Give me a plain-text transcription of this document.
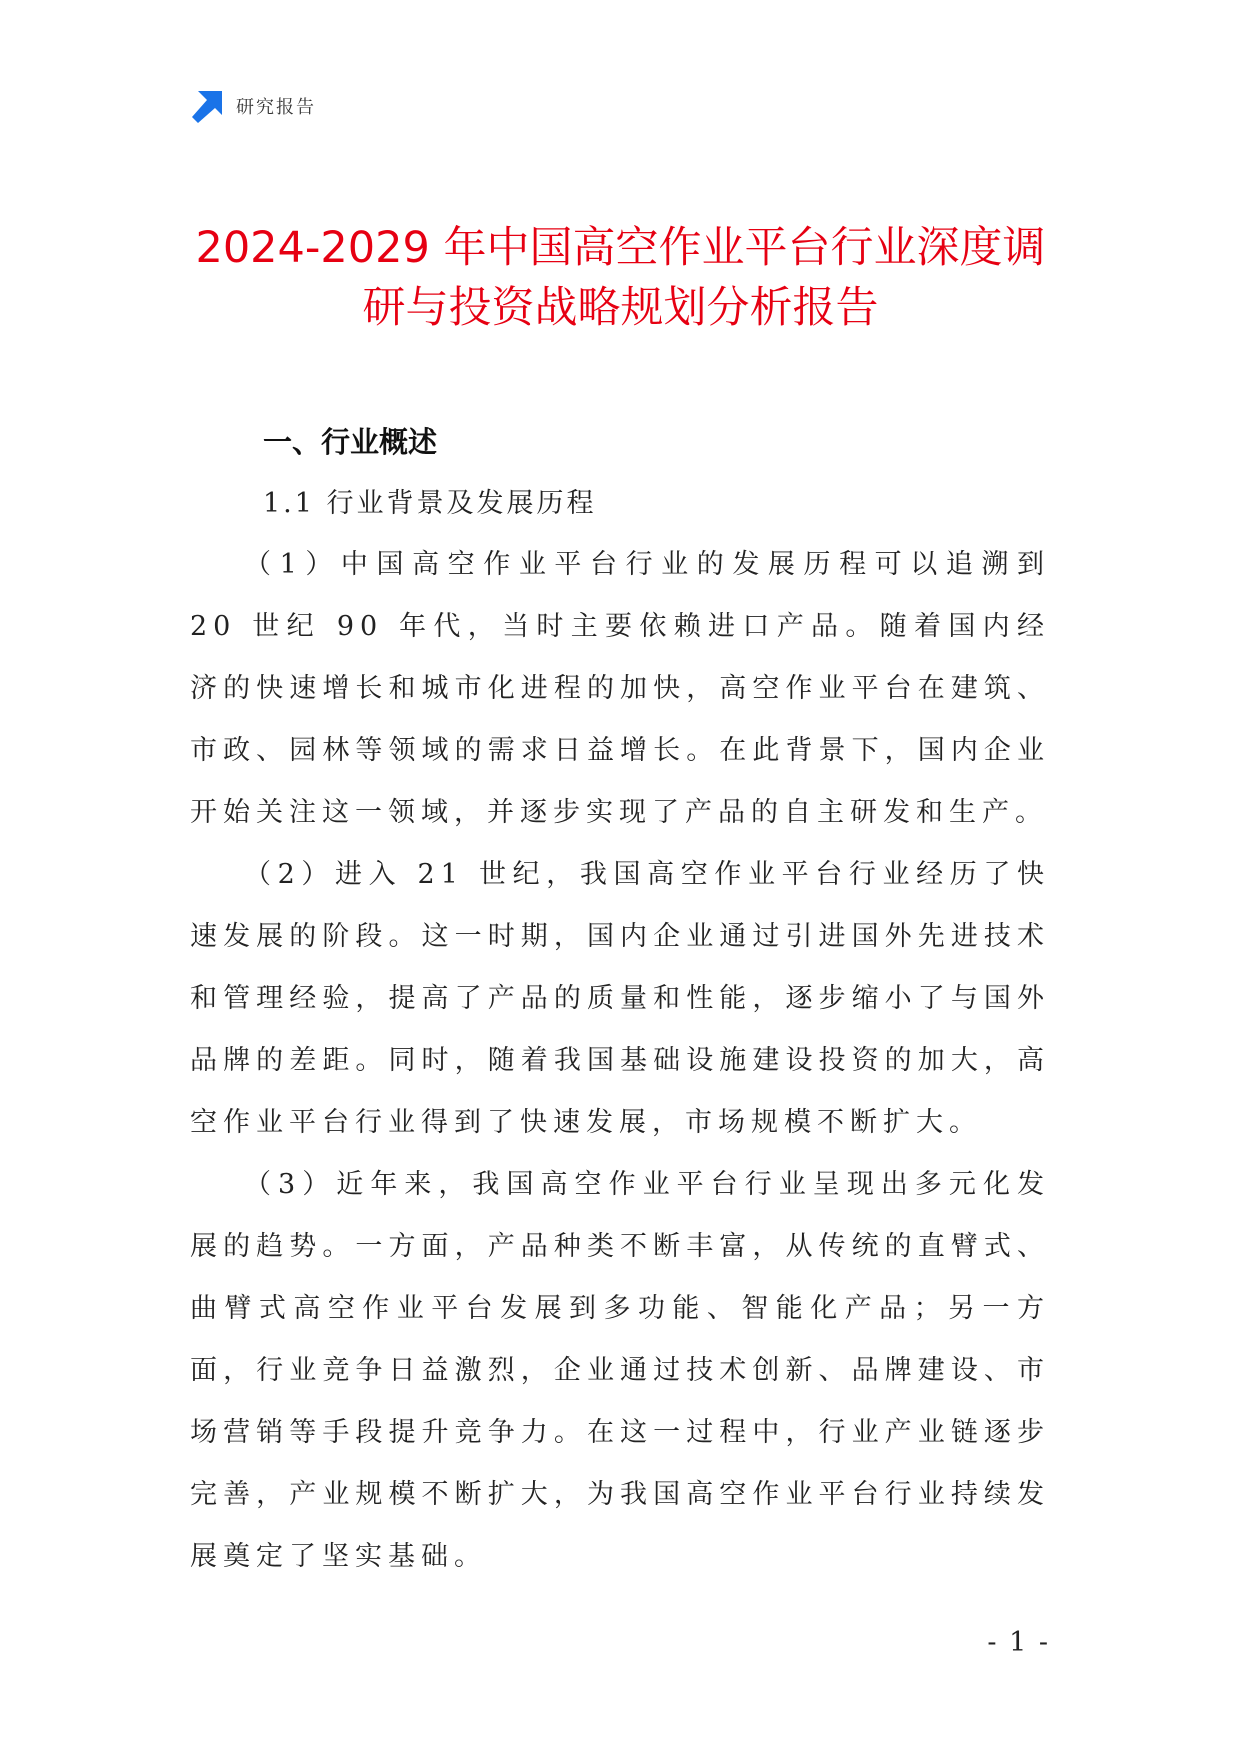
研究报告
2024-2029 年中国高空作业平台行业深度调
研与投资战略规划分析报告
一、行业概述
1.1 行业背景及发展历程

（1）中国高空作业平台行业的发展历程可以追溯到 20 世纪 90 年代，当时主要依赖进口产品。随着国内经济的快速增长和城市化进程的加快，高空作业平台在建筑、市政、园林等领域的需求日益增长。在此背景下，国内企业开始关注这一领域，并逐步实现了产品的自主研发和生产。

（2）进入 21 世纪，我国高空作业平台行业经历了快速发展的阶段。这一时期，国内企业通过引进国外先进技术和管理经验，提高了产品的质量和性能，逐步缩小了与国外品牌的差距。同时，随着我国基础设施建设投资的加大，高空作业平台行业得到了快速发展，市场规模不断扩大。

（3）近年来，我国高空作业平台行业呈现出多元化发展的趋势。一方面，产品种类不断丰富，从传统的直臂式、曲臂式高空作业平台发展到多功能、智能化产品；另一方面，行业竞争日益激烈，企业通过技术创新、品牌建设、市场营销等手段提升竞争力。在这一过程中，行业产业链逐步完善，产业规模不断扩大，为我国高空作业平台行业持续发展奠定了坚实基础。

- 1 -
